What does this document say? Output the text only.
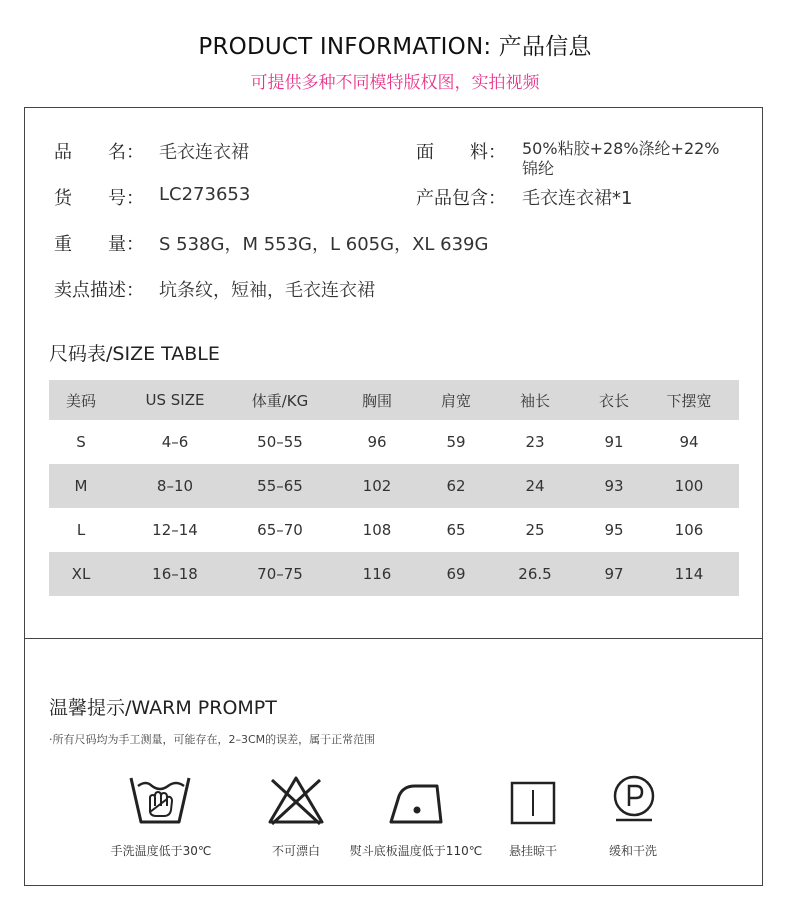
PRODUCT INFORMATION: 产品信息
可提供多种不同模特版权图，实拍视频
品　　名： 毛衣连衣裙
货　　号： LC273653
重　　量： S 538G，M 553G，L 605G，XL 639G
卖点描述： 坑条纹，短袖，毛衣连衣裙
面　　料： 50%粘胶+28%涤纶+22%锦纶
产品包含： 毛衣连衣裙*1
尺码表/SIZE TABLE
美码	US SIZE	体重/KG	胸围	肩宽	袖长	衣长	下摆宽
S	4–6	50–55	96	59	23	91	94
M	8–10	55–65	102	62	24	93	100
L	12–14	65–70	108	65	25	95	106
XL	16–18	70–75	116	69	26.5	97	114
温馨提示/WARM PROMPT
·所有尺码均为手工测量，可能存在，2–3CM的误差，属于正常范围
手洗温度低于30℃	不可漂白 熨斗底板温度低于110℃ 悬挂晾干	缓和干洗
